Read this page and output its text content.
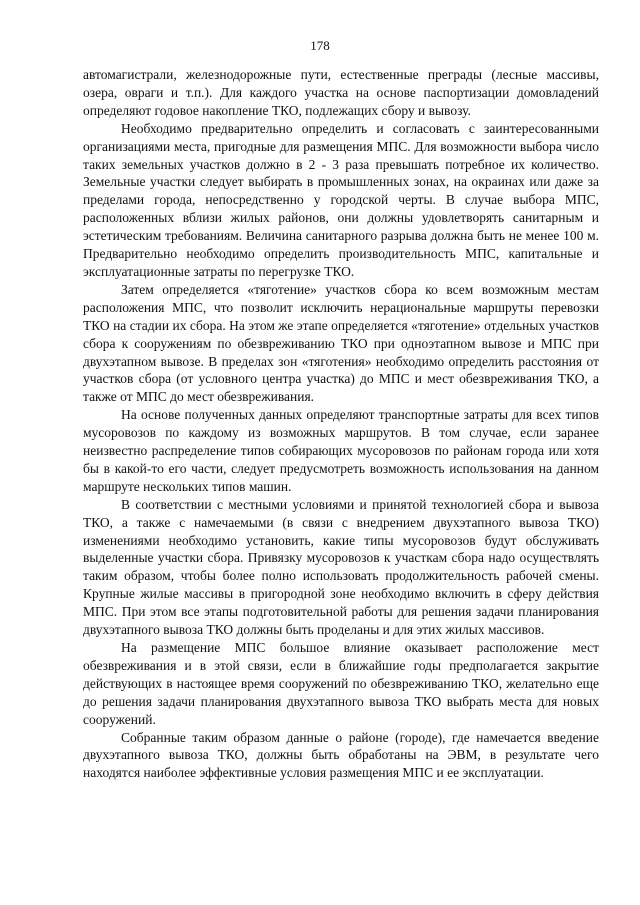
178

автомагистрали, железнодорожные пути, естественные преграды (лесные массивы, озера, овраги и т.п.). Для каждого участка на основе паспортизации домовладений определяют годовое накопление ТКО, подлежащих сбору и вывозу.

Необходимо предварительно определить и согласовать с заинтересованными организациями места, пригодные для размещения МПС. Для возможности выбора число таких земельных участков должно в 2 - 3 раза превышать потребное их количество. Земельные участки следует выбирать в промышленных зонах, на окраинах или даже за пределами города, непосредственно у городской черты. В случае выбора МПС, расположенных вблизи жилых районов, они должны удовлетворять санитарным и эстетическим требованиям. Величина санитарного разрыва должна быть не менее 100 м. Предварительно необходимо определить производительность МПС, капитальные и эксплуатационные затраты по перегрузке ТКО.

Затем определяется «тяготение» участков сбора ко всем возможным местам расположения МПС, что позволит исключить нерациональные маршруты перевозки ТКО на стадии их сбора. На этом же этапе определяется «тяготение» отдельных участков сбора к сооружениям по обезвреживанию ТКО при одноэтапном вывозе и МПС при двухэтапном вывозе. В пределах зон «тяготения» необходимо определить расстояния от участков сбора (от условного центра участка) до МПС и мест обезвреживания ТКО, а также от МПС до мест обезвреживания.

На основе полученных данных определяют транспортные затраты для всех типов мусоровозов по каждому из возможных маршрутов. В том случае, если заранее неизвестно распределение типов собирающих мусоровозов по районам города или хотя бы в какой-то его части, следует предусмотреть возможность использования на данном маршруте нескольких типов машин.

В соответствии с местными условиями и принятой технологией сбора и вывоза ТКО, а также с намечаемыми (в связи с внедрением двухэтапного вывоза ТКО) изменениями необходимо установить, какие типы мусоровозов будут обслуживать выделенные участки сбора. Привязку мусоровозов к участкам сбора надо осуществлять таким образом, чтобы более полно использовать продолжительность рабочей смены. Крупные жилые массивы в пригородной зоне необходимо включить в сферу действия МПС. При этом все этапы подготовительной работы для решения задачи планирования двухэтапного вывоза ТКО должны быть проделаны и для этих жилых массивов.

На размещение МПС большое влияние оказывает расположение мест обезвреживания и в этой связи, если в ближайшие годы предполагается закрытие действующих в настоящее время сооружений по обезвреживанию ТКО, желательно еще до решения задачи планирования двухэтапного вывоза ТКО выбрать места для новых сооружений.

Собранные таким образом данные о районе (городе), где намечается введение двухэтапного вывоза ТКО, должны быть обработаны на ЭВМ, в результате чего находятся наиболее эффективные условия размещения МПС и ее эксплуатации.
